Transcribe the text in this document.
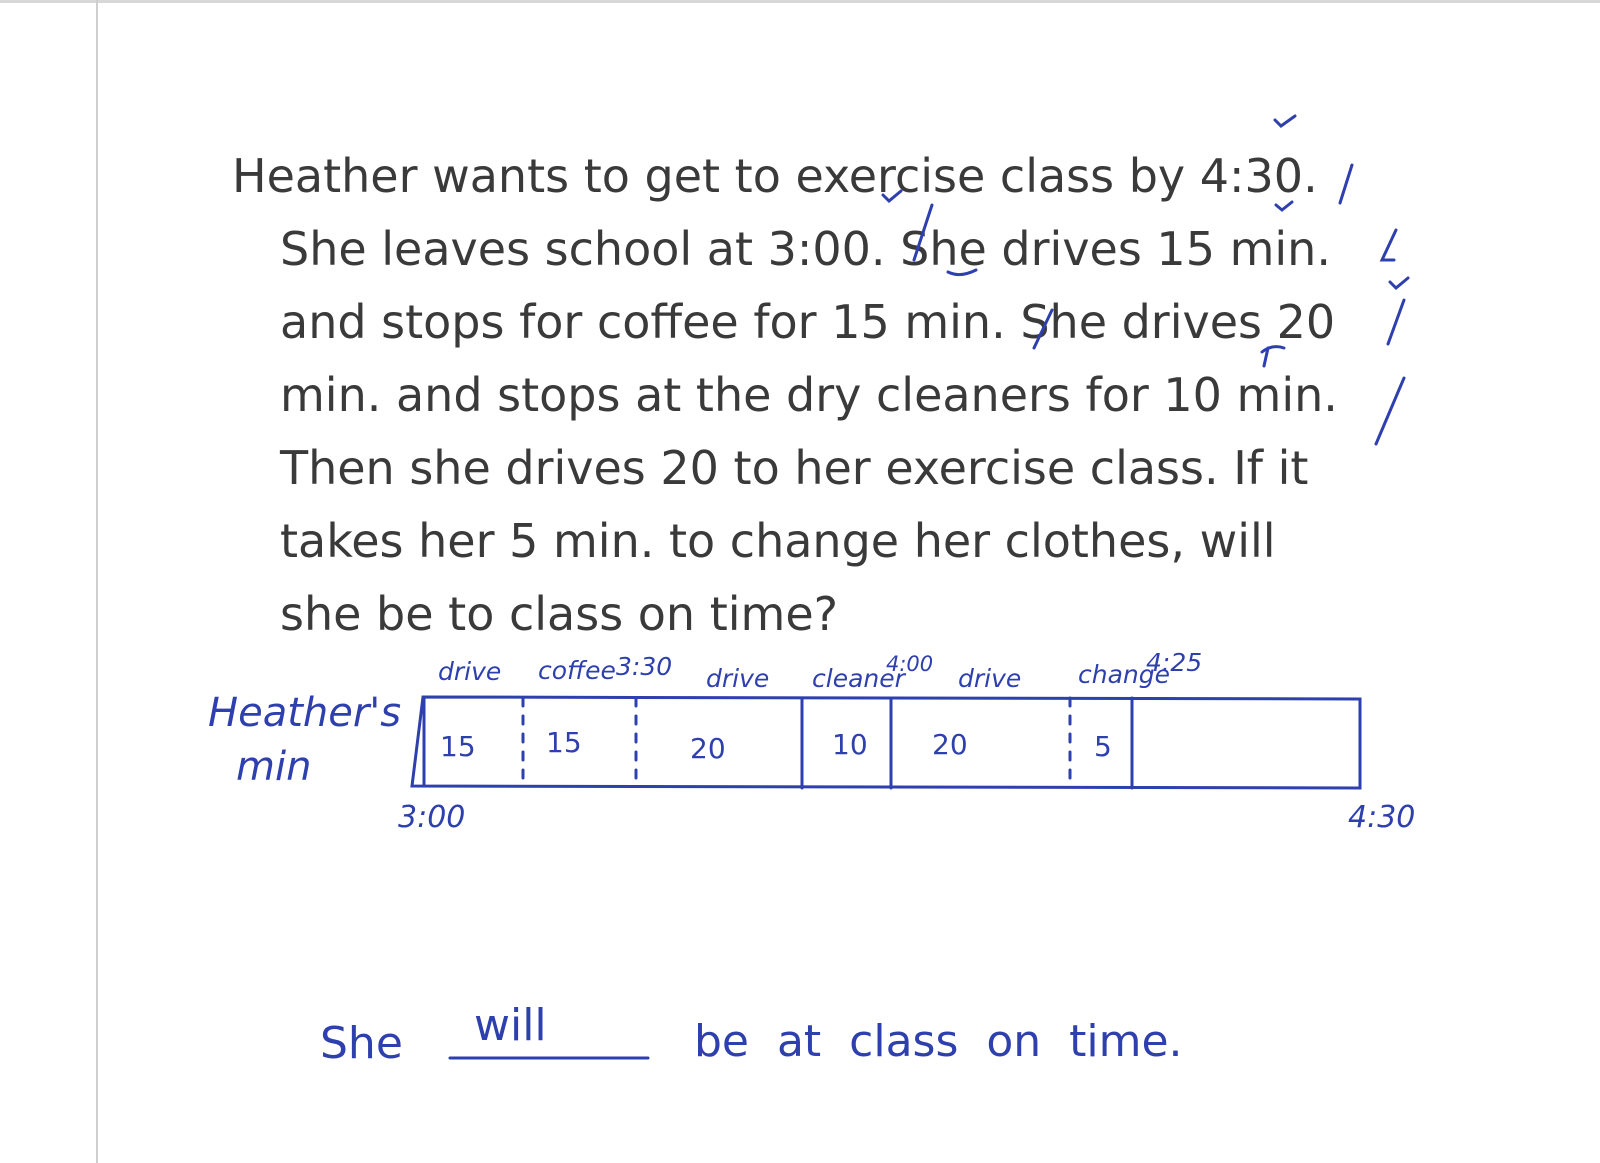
Heather wants to get to exercise class by 4:30.
She leaves school at 3:00. She drives 15 min.
and stops for coffee for 15 min. She drives 20
min. and stops at the dry cleaners for 10 min.
Then she drives 20 to her exercise class. If it
takes her 5 min. to change her clothes, will
she be to class on time?
Heather's
min
drive coffee 3:30 drive cleaner
4:00 drive change
4:25
15	15	20	10 20	5
3:00	4:30
She will	be  at  class  on  time.
